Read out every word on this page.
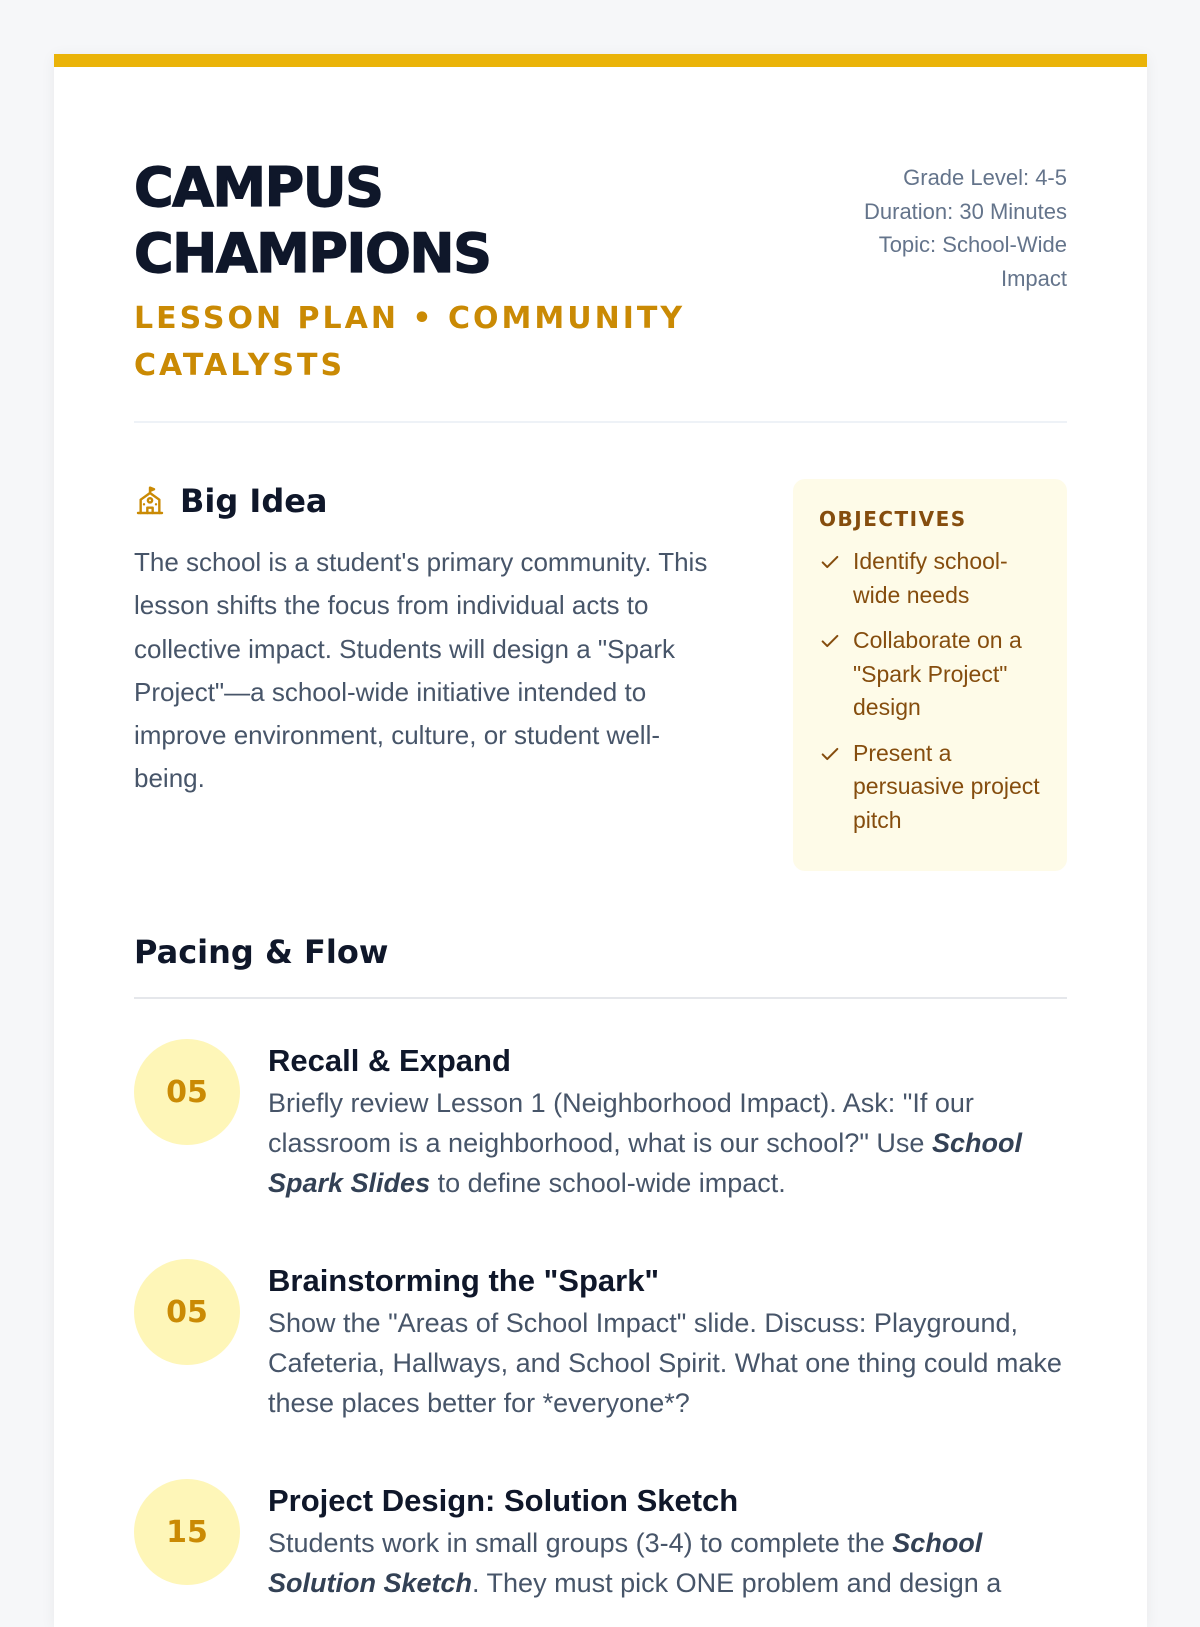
CAMPUS
CHAMPIONS

LESSON PLAN • COMMUNITY CATALYSTS

Grade Level: 4-5
Duration: 30 Minutes
Topic: School-Wide Impact
Big Idea

The school is a student's primary community. This lesson shifts the focus from individual acts to collective impact. Students will design a "Spark Project"—a school-wide initiative intended to improve environment, culture, or student well-being.

OBJECTIVES
Identify school-wide needs
Collaborate on a "Spark Project" design
Present a persuasive project pitch
Pacing & Flow
05
Recall & Expand

Briefly review Lesson 1 (Neighborhood Impact). Ask: "If our classroom is a neighborhood, what is our school?" Use School Spark Slides to define school-wide impact.

05
Brainstorming the "Spark"

Show the "Areas of School Impact" slide. Discuss: Playground, Cafeteria, Hallways, and School Spirit. What one thing could make these places better for *everyone*?

15
Project Design: Solution Sketch

Students work in small groups (3-4) to complete the School Solution Sketch. They must pick ONE problem and design a
